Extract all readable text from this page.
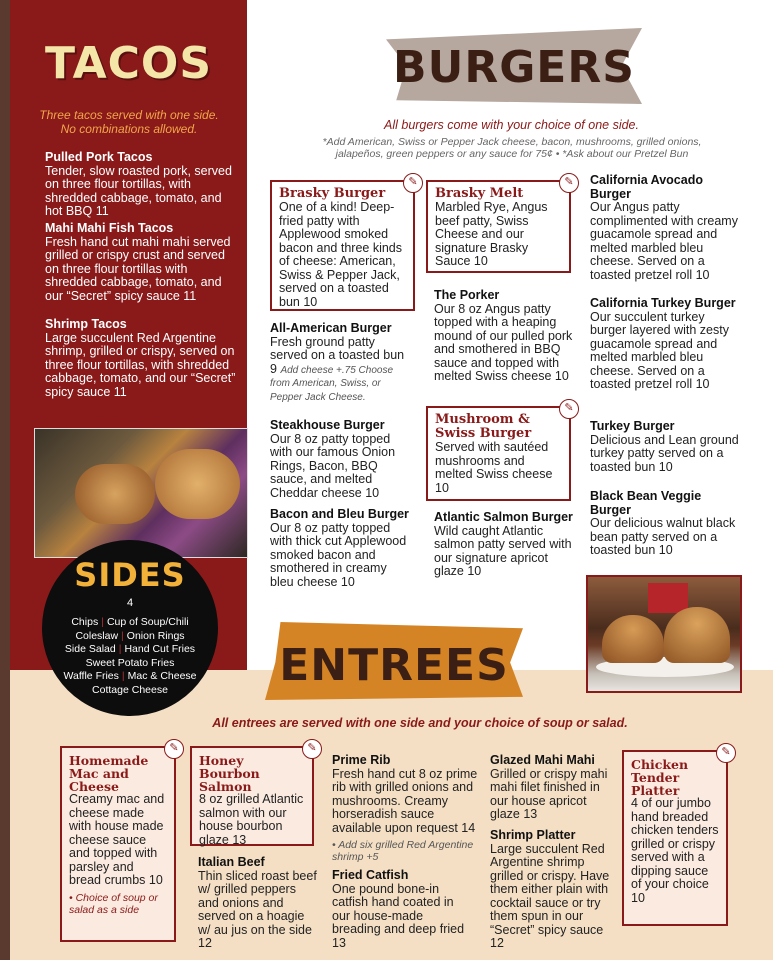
TACOS
Three tacos served with one side.
No combinations allowed.
Pulled Pork Tacos
Tender, slow roasted pork, served on three flour tortillas, with shredded cabbage, tomato, and hot BBQ 11
Mahi Mahi Fish Tacos
Fresh hand cut mahi mahi served grilled or crispy crust and served on three flour tortillas with shredded cabbage, tomato, and our “Secret” spicy sauce 11
Shrimp Tacos
Large succulent Red Argentine shrimp, grilled or crispy, served on three flour tortillas, with shredded cabbage, tomato, and our “Secret” spicy sauce 11
SIDES
4
Chips | Cup of Soup/Chili
Coleslaw | Onion Rings
Side Salad | Hand Cut Fries
Sweet Potato Fries
Waffle Fries | Mac & Cheese
Cottage Cheese
BURGERS
All burgers come with your choice of one side.
*Add American, Swiss or Pepper Jack cheese, bacon, mushrooms, grilled onions,
jalapeños, green peppers or any sauce for 75¢ • *Ask about our Pretzel Bun
✎
Brasky Burger
One of a kind! Deep-fried patty with Applewood smoked bacon and three kinds of cheese: American, Swiss & Pepper Jack, served on a toasted bun 10
All-American Burger
Fresh ground patty served on a toasted bun 9 Add cheese +.75 Choose from American, Swiss, or Pepper Jack Cheese.
Steakhouse Burger
Our 8 oz patty topped with our famous Onion Rings, Bacon, BBQ sauce, and melted Cheddar cheese 10
Bacon and Bleu Burger
Our 8 oz patty topped with thick cut Applewood smoked bacon and smothered in creamy bleu cheese 10
✎
Brasky Melt
Marbled Rye, Angus beef patty, Swiss Cheese and our signature Brasky Sauce 10
The Porker
Our 8 oz Angus patty topped with a heaping mound of our pulled pork and smothered in BBQ sauce and topped with melted Swiss cheese 10
✎
Mushroom & Swiss Burger
Served with sautéed mushrooms and melted Swiss cheese 10
Atlantic Salmon Burger
Wild caught Atlantic salmon patty served with our signature apricot glaze 10
California Avocado Burger
Our Angus patty complimented with creamy guacamole spread and melted marbled bleu cheese. Served on a toasted pretzel roll 10
California Turkey Burger
Our succulent turkey burger layered with zesty guacamole spread and melted marbled bleu cheese. Served on a toasted pretzel roll 10
Turkey Burger
Delicious and Lean ground turkey patty served on a toasted bun 10
Black Bean Veggie Burger
Our delicious walnut black bean patty served on a toasted bun 10
ENTREES
All entrees are served with one side and your choice of soup or salad.
✎
Homemade Mac and Cheese
Creamy mac and cheese made with house made cheese sauce and topped with parsley and bread crumbs 10
• Choice of soup or salad as a side
✎
Honey Bourbon Salmon
8 oz grilled Atlantic salmon with our house bourbon glaze 13
Italian Beef
Thin sliced roast beef w/ grilled peppers and onions and served on a hoagie w/ au jus on the side 12
Prime Rib
Fresh hand cut 8 oz prime rib with grilled onions and mushrooms. Creamy horseradish sauce available upon request 14
• Add six grilled Red Argentine shrimp +5
Fried Catfish
One pound bone-in catfish hand coated in our house-made breading and deep fried 13
Glazed Mahi Mahi
Grilled or crispy mahi mahi filet finished in our house apricot glaze 13
Shrimp Platter
Large succulent Red Argentine shrimp grilled or crispy. Have them either plain with cocktail sauce or try them spun in our “Secret” spicy sauce 12
✎
Chicken Tender Platter
4 of our jumbo hand breaded chicken tenders grilled or crispy served with a dipping sauce of your choice 10
